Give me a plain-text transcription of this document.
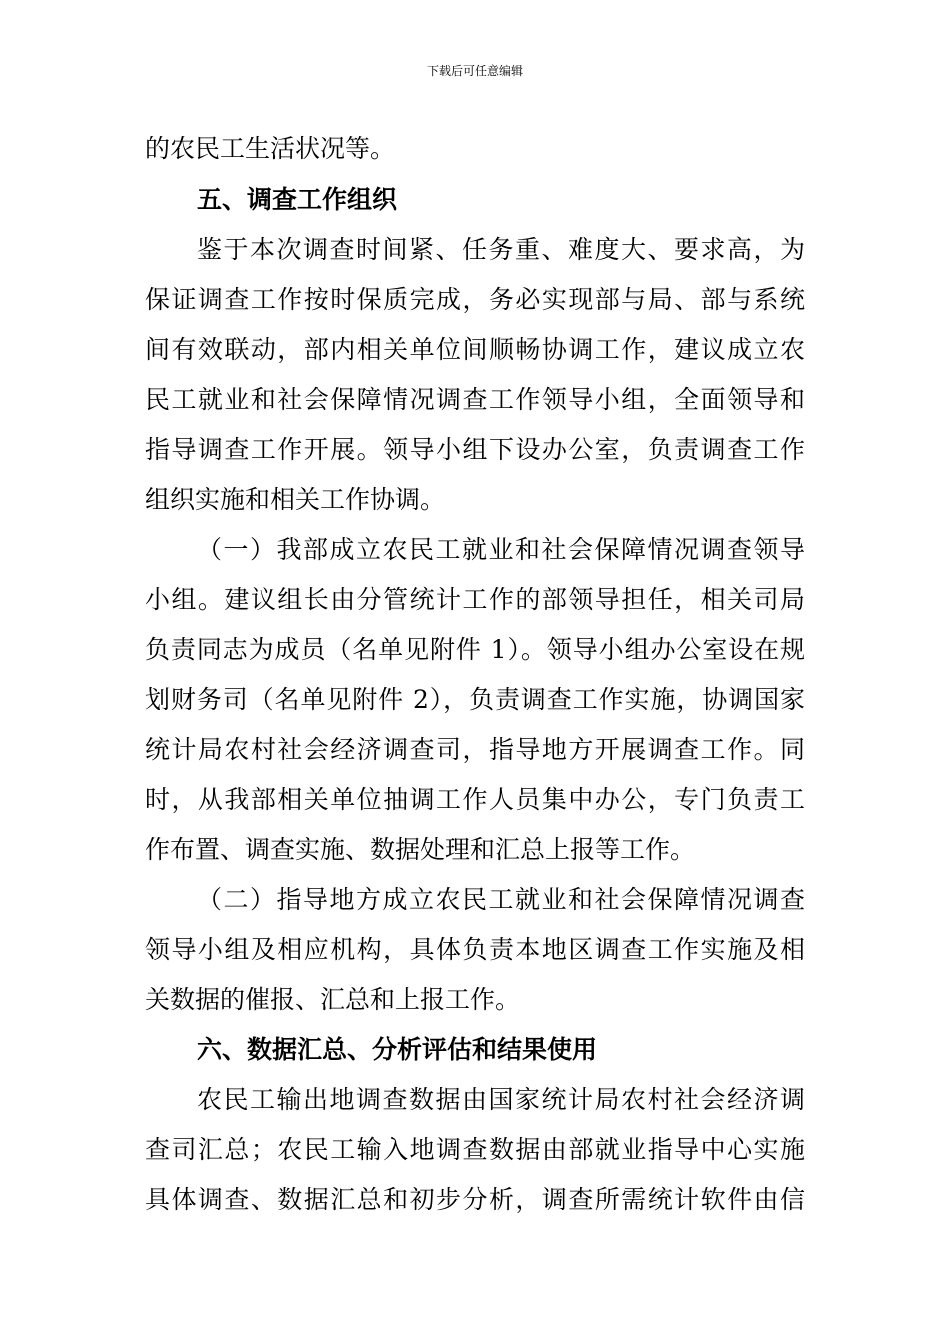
下载后可任意编辑
的农民工生活状况等。
五、调查工作组织
鉴于本次调查时间紧、任务重、难度大、要求高，为
保证调查工作按时保质完成，务必实现部与局、部与系统
间有效联动，部内相关单位间顺畅协调工作，建议成立农
民工就业和社会保障情况调查工作领导小组，全面领导和
指导调查工作开展。领导小组下设办公室，负责调查工作
组织实施和相关工作协调。
（一）我部成立农民工就业和社会保障情况调查领导
小组。建议组长由分管统计工作的部领导担任，相关司局
负责同志为成员（名单见附件 1）。领导小组办公室设在规
划财务司（名单见附件 2），负责调查工作实施，协调国家
统计局农村社会经济调查司，指导地方开展调查工作。同
时，从我部相关单位抽调工作人员集中办公，专门负责工
作布置、调查实施、数据处理和汇总上报等工作。
（二）指导地方成立农民工就业和社会保障情况调查
领导小组及相应机构，具体负责本地区调查工作实施及相
关数据的催报、汇总和上报工作。
六、数据汇总、分析评估和结果使用
农民工输出地调查数据由国家统计局农村社会经济调
查司汇总；农民工输入地调查数据由部就业指导中心实施
具体调查、数据汇总和初步分析，调查所需统计软件由信
